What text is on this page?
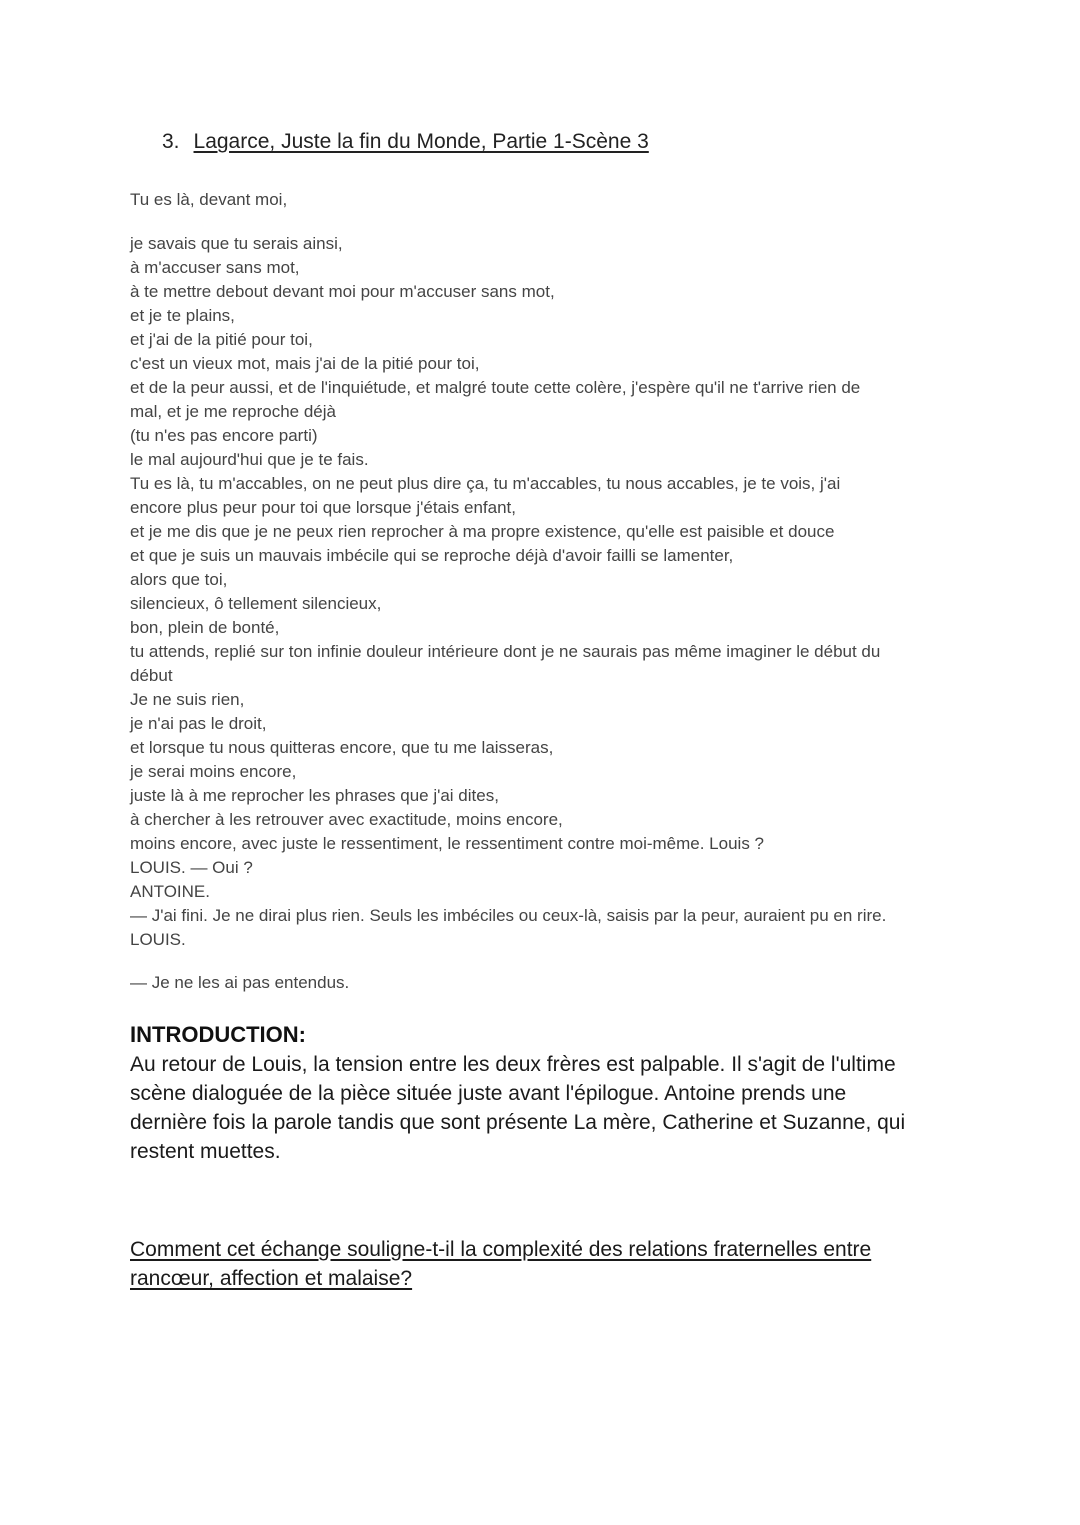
3. Lagarce, Juste la fin du Monde, Partie 1-Scène 3
Tu es là, devant moi,
je savais que tu serais ainsi,
à m'accuser sans mot,
à te mettre debout devant moi pour m'accuser sans mot,
et je te plains,
et j'ai de la pitié pour toi,
c'est un vieux mot, mais j'ai de la pitié pour toi,
et de la peur aussi, et de l'inquiétude, et malgré toute cette colère, j'espère qu'il ne t'arrive rien de
mal, et je me reproche déjà
(tu n'es pas encore parti)
le mal aujourd'hui que je te fais.
Tu es là, tu m'accables, on ne peut plus dire ça, tu m'accables, tu nous accables, je te vois, j'ai
encore plus peur pour toi que lorsque j'étais enfant,
et je me dis que je ne peux rien reprocher à ma propre existence, qu'elle est paisible et douce
et que je suis un mauvais imbécile qui se reproche déjà d'avoir failli se lamenter,
alors que toi,
silencieux, ô tellement silencieux,
bon, plein de bonté,
tu attends, replié sur ton infinie douleur intérieure dont je ne saurais pas même imaginer le début du
début
Je ne suis rien,
je n'ai pas le droit,
et lorsque tu nous quitteras encore, que tu me laisseras,
je serai moins encore,
juste là à me reprocher les phrases que j'ai dites,
à chercher à les retrouver avec exactitude, moins encore,
moins encore, avec juste le ressentiment, le ressentiment contre moi-même. Louis ?
LOUIS. — Oui ?
ANTOINE.
— J'ai fini. Je ne dirai plus rien. Seuls les imbéciles ou ceux-là, saisis par la peur, auraient pu en rire.
LOUIS.
— Je ne les ai pas entendus.
INTRODUCTION:
Au retour de Louis, la tension entre les deux frères est palpable. Il s'agit de l'ultime
scène dialoguée de la pièce située juste avant l'épilogue. Antoine prends une
dernière fois la parole tandis que sont présente La mère, Catherine et Suzanne, qui
restent muettes.
Comment cet échange souligne-t-il la complexité des relations fraternelles entre
rancœur, affection et malaise?
